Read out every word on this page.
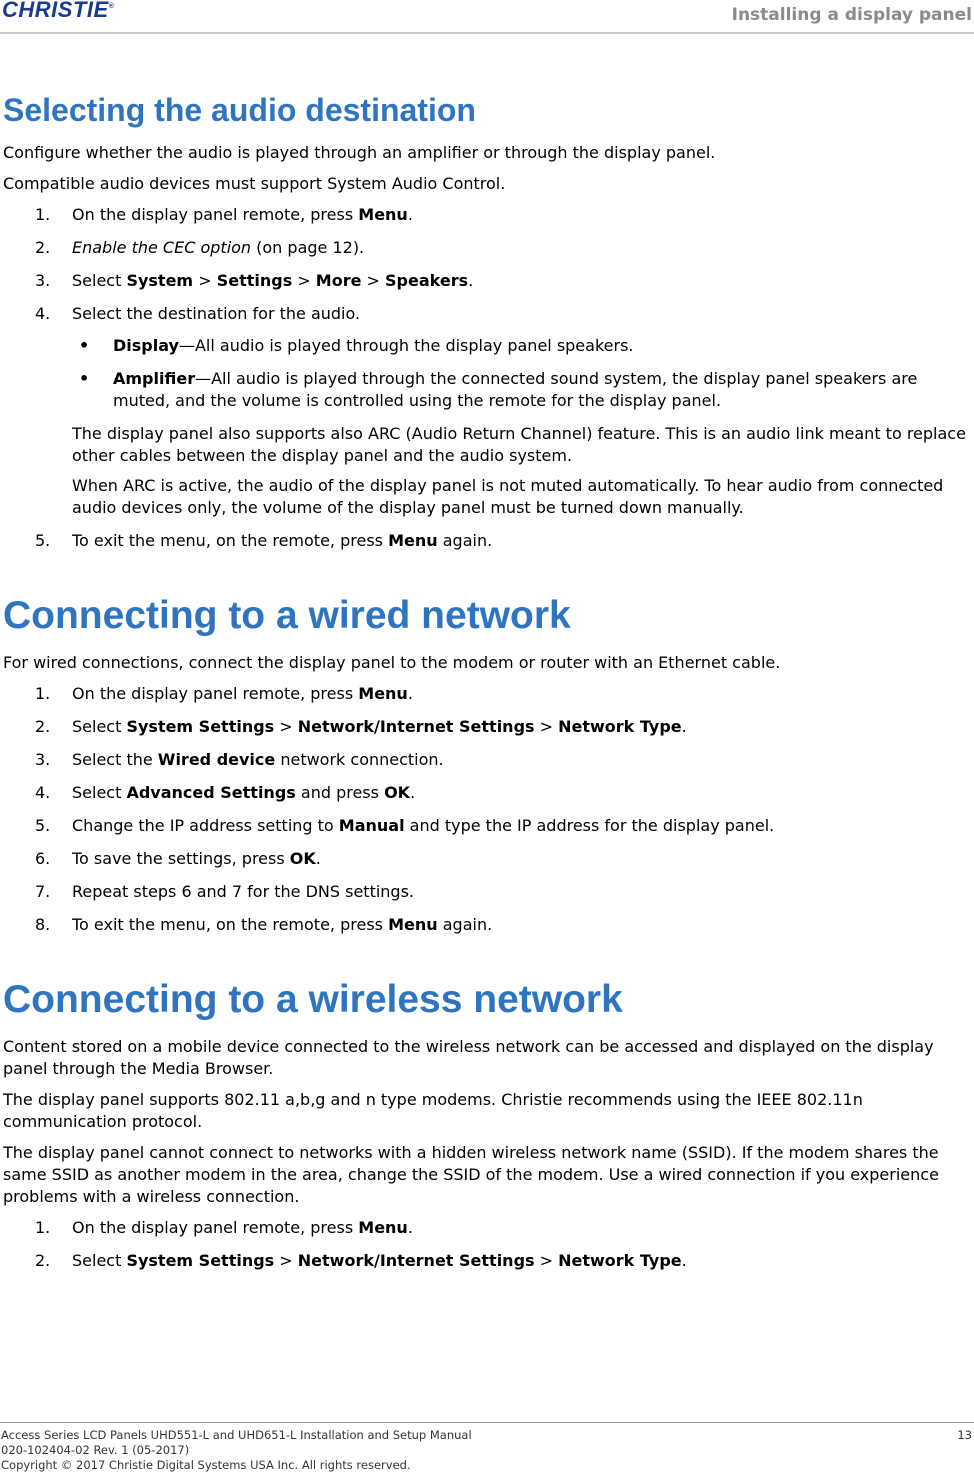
CHRISTIE®	Installing a display panel
Selecting the audio destination

Configure whether the audio is played through an amplifier or through the display panel.

Compatible audio devices must support System Audio Control.

1. On the display panel remote, press Menu.
2. Enable the CEC option (on page 12).
3. Select System > Settings > More > Speakers.
4. Select the destination for the audio.
• Display—All audio is played through the display panel speakers.
• Amplifier—All audio is played through the connected sound system, the display panel speakers are muted, and the volume is controlled using the remote for the display panel.

The display panel also supports also ARC (Audio Return Channel) feature. This is an audio link meant to replace other cables between the display panel and the audio system.

When ARC is active, the audio of the display panel is not muted automatically. To hear audio from connected audio devices only, the volume of the display panel must be turned down manually.

5. To exit the menu, on the remote, press Menu again.
Connecting to a wired network

For wired connections, connect the display panel to the modem or router with an Ethernet cable.

1. On the display panel remote, press Menu.
2. Select System Settings > Network/Internet Settings > Network Type.
3. Select the Wired device network connection.
4. Select Advanced Settings and press OK.
5. Change the IP address setting to Manual and type the IP address for the display panel.
6. To save the settings, press OK.
7. Repeat steps 6 and 7 for the DNS settings.
8. To exit the menu, on the remote, press Menu again.
Connecting to a wireless network

Content stored on a mobile device connected to the wireless network can be accessed and displayed on the display panel through the Media Browser.

The display panel supports 802.11 a,b,g and n type modems. Christie recommends using the IEEE 802.11n communication protocol.

The display panel cannot connect to networks with a hidden wireless network name (SSID). If the modem shares the same SSID as another modem in the area, change the SSID of the modem. Use a wired connection if you experience problems with a wireless connection.

1. On the display panel remote, press Menu.
2. Select System Settings > Network/Internet Settings > Network Type.
Access Series LCD Panels UHD551-L and UHD651-L Installation and Setup Manual
020-102404-02 Rev. 1 (05-2017)
Copyright © 2017 Christie Digital Systems USA Inc. All rights reserved.
13
